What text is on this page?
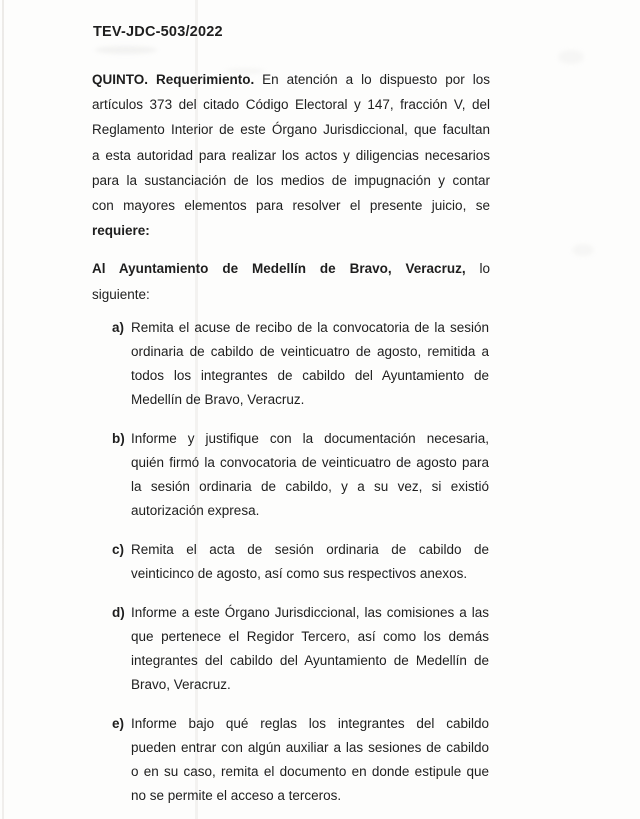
TEV-JDC-503/2022
QUINTO. Requerimiento. En atención a lo dispuesto por los
artículos 373 del citado Código Electoral y 147, fracción V, del
Reglamento Interior de este Órgano Jurisdiccional, que facultan
a esta autoridad para realizar los actos y diligencias necesarios
para la sustanciación de los medios de impugnación y contar
con mayores elementos para resolver el presente juicio, se
requiere:
Al Ayuntamiento de Medellín de Bravo, Veracruz, lo
siguiente:
a) Remita el acuse de recibo de la convocatoria de la sesión
ordinaria de cabildo de veinticuatro de agosto, remitida a
todos los integrantes de cabildo del Ayuntamiento de
Medellín de Bravo, Veracruz.
b) Informe y justifique con la documentación necesaria,
quién firmó la convocatoria de veinticuatro de agosto para
la sesión ordinaria de cabildo, y a su vez, si existió
autorización expresa.
c) Remita el acta de sesión ordinaria de cabildo de
veinticinco de agosto, así como sus respectivos anexos.
d) Informe a este Órgano Jurisdiccional, las comisiones a las
que pertenece el Regidor Tercero, así como los demás
integrantes del cabildo del Ayuntamiento de Medellín de
Bravo, Veracruz.
e) Informe bajo qué reglas los integrantes del cabildo
pueden entrar con algún auxiliar a las sesiones de cabildo
o en su caso, remita el documento en donde estipule que
no se permite el acceso a terceros.
